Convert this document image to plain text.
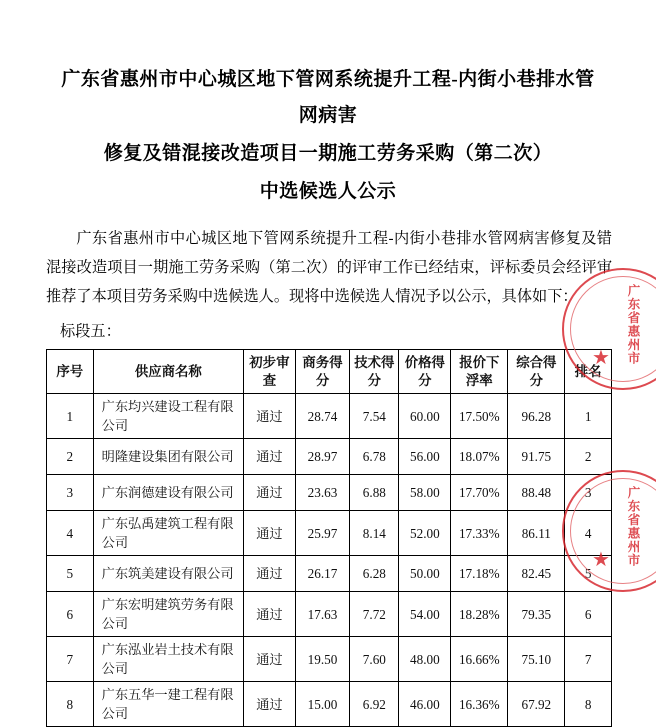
广东省惠州市中心城区地下管网系统提升工程-内街小巷排水管网病害
修复及错混接改造项目一期施工劳务采购（第二次）
中选候选人公示

广东省惠州市中心城区地下管网系统提升工程-内街小巷排水管网病害修复及错混接改造项目一期施工劳务采购（第二次）的评审工作已经结束，评标委员会经评审推荐了本项目劳务采购中选候选人。现将中选候选人情况予以公示，具体如下：

标段五：
序号	供应商名称	初步审查	商务得分	技术得分	价格得分	报价下浮率	综合得分	排名
1	广东均兴建设工程有限公司	通过	28.74	7.54	60.00	17.50%	96.28	1
2	明隆建设集团有限公司	通过	28.97	6.78	56.00	18.07%	91.75	2
3	广东润德建设有限公司	通过	23.63	6.88	58.00	17.70%	88.48	3
4	广东弘禹建筑工程有限公司	通过	25.97	8.14	52.00	17.33%	86.11	4
5	广东筑美建设有限公司	通过	26.17	6.28	50.00	17.18%	82.45	5
6	广东宏明建筑劳务有限公司	通过	17.63	7.72	54.00	18.28%	79.35	6
7	广东泓业岩土技术有限公司	通过	19.50	7.60	48.00	16.66%	75.10	7
8	广东五华一建工程有限公司	通过	15.00	6.92	46.00	16.36%	67.92	8
广东省惠州市
★
广东省惠州市
★
